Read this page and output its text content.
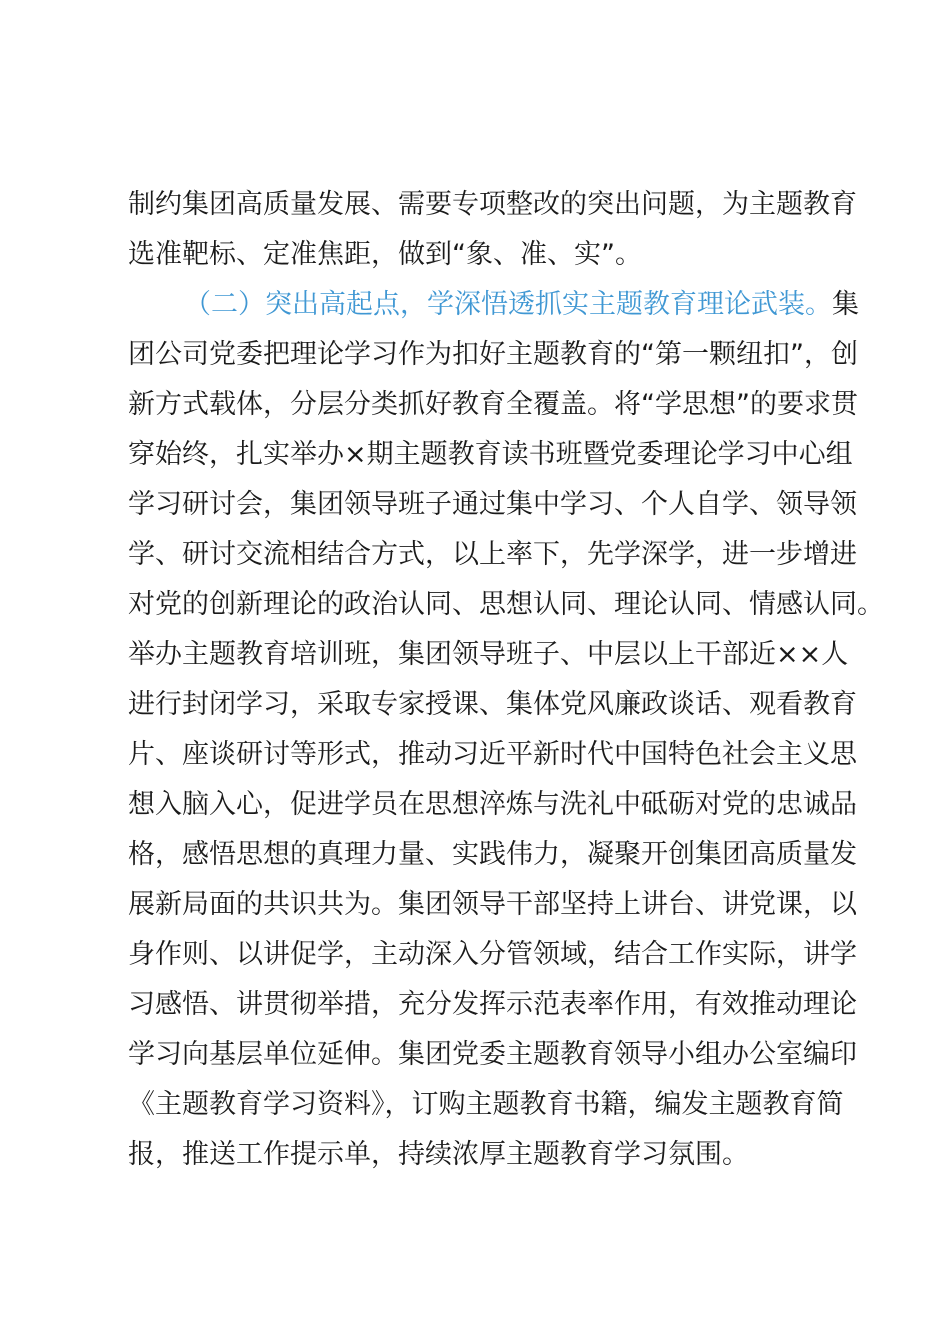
制约集团高质量发展、需要专项整改的突出问题，为主题教育
选准靶标、定准焦距，做到“象、准、实”。
（二）突出高起点，学深悟透抓实主题教育理论武装。集
团公司党委把理论学习作为扣好主题教育的“第一颗纽扣”，创
新方式载体，分层分类抓好教育全覆盖。将“学思想”的要求贯
穿始终，扎实举办×期主题教育读书班暨党委理论学习中心组
学习研讨会，集团领导班子通过集中学习、个人自学、领导领
学、研讨交流相结合方式，以上率下，先学深学，进一步增进
对党的创新理论的政治认同、思想认同、理论认同、情感认同。
举办主题教育培训班，集团领导班子、中层以上干部近××人
进行封闭学习，采取专家授课、集体党风廉政谈话、观看教育
片、座谈研讨等形式，推动习近平新时代中国特色社会主义思
想入脑入心，促进学员在思想淬炼与洗礼中砥砺对党的忠诚品
格，感悟思想的真理力量、实践伟力，凝聚开创集团高质量发
展新局面的共识共为。集团领导干部坚持上讲台、讲党课，以
身作则、以讲促学，主动深入分管领域，结合工作实际，讲学
习感悟、讲贯彻举措，充分发挥示范表率作用，有效推动理论
学习向基层单位延伸。集团党委主题教育领导小组办公室编印
《主题教育学习资料》，订购主题教育书籍，编发主题教育简
报，推送工作提示单，持续浓厚主题教育学习氛围。
